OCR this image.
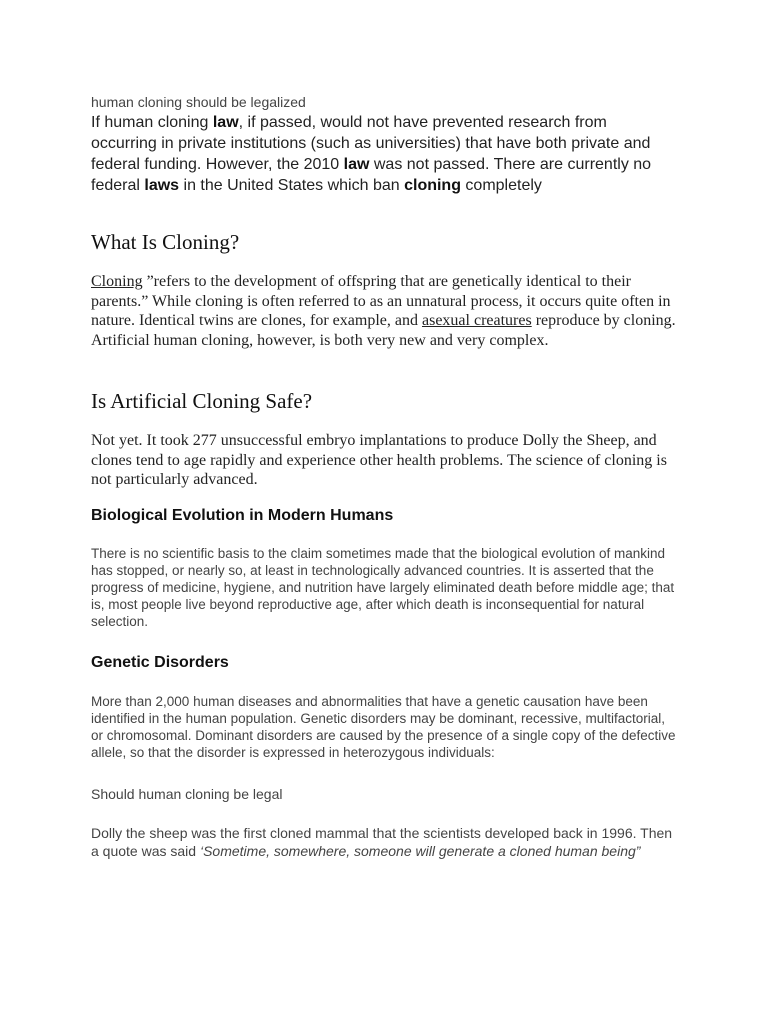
human cloning should be legalized

If human cloning law, if passed, would not have prevented research from occurring in private institutions (such as universities) that have both private and federal funding. However, the 2010 law was not passed. There are currently no federal laws in the United States which ban cloning completely

What Is Cloning?

Cloning ”refers to the development of offspring that are genetically identical to their parents.” While cloning is often referred to as an unnatural process, it occurs quite often in nature. Identical twins are clones, for example, and asexual creatures reproduce by cloning. Artificial human cloning, however, is both very new and very complex.

Is Artificial Cloning Safe?

Not yet. It took 277 unsuccessful embryo implantations to produce Dolly the Sheep, and clones tend to age rapidly and experience other health problems. The science of cloning is not particularly advanced.

Biological Evolution in Modern Humans

There is no scientific basis to the claim sometimes made that the biological evolution of mankind has stopped, or nearly so, at least in technologically advanced countries. It is asserted that the progress of medicine, hygiene, and nutrition have largely eliminated death before middle age; that is, most people live beyond reproductive age, after which death is inconsequential for natural selection.

Genetic Disorders

More than 2,000 human diseases and abnormalities that have a genetic causation have been identified in the human population. Genetic disorders may be dominant, recessive, multifactorial, or chromosomal. Dominant disorders are caused by the presence of a single copy of the defective allele, so that the disorder is expressed in heterozygous individuals:

Should human cloning be legal

Dolly the sheep was the first cloned mammal that the scientists developed back in 1996. Then a quote was said ‘Sometime, somewhere, someone will generate a cloned human being”
